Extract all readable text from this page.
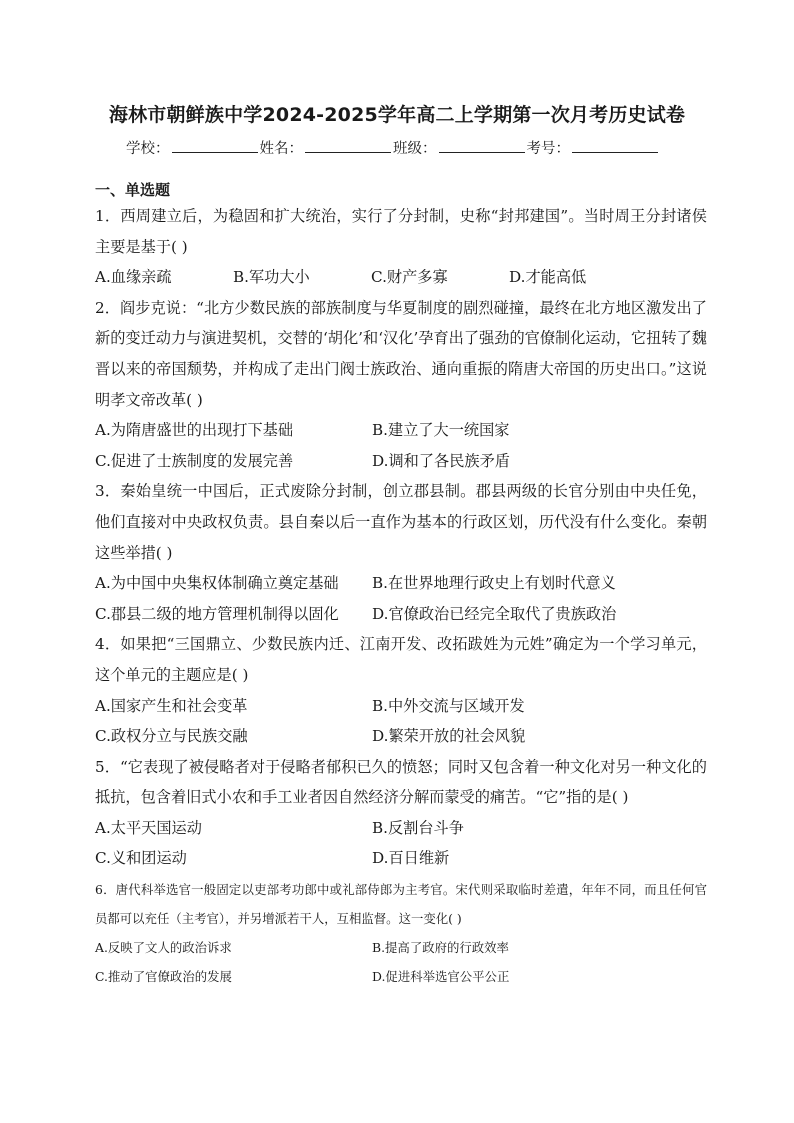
海林市朝鲜族中学2024-2025学年高二上学期第一次月考历史试卷
学校：	姓名：	班级：	考号：
一、单选题
1．西周建立后，为稳固和扩大统治，实行了分封制，史称“封邦建国”。当时周王分封诸侯主要是基于( )
A.血缘亲疏	B.军功大小	C.财产多寡	D.才能高低
2．阎步克说：“北方少数民族的部族制度与华夏制度的剧烈碰撞，最终在北方地区激发出了新的变迁动力与演进契机，交替的‘胡化’和‘汉化’孕育出了强劲的官僚制化运动，它扭转了魏晋以来的帝国颓势，并构成了走出门阀士族政治、通向重振的隋唐大帝国的历史出口。”这说明孝文帝改革( )
A.为隋唐盛世的出现打下基础	B.建立了大一统国家
C.促进了士族制度的发展完善	D.调和了各民族矛盾
3．秦始皇统一中国后，正式废除分封制，创立郡县制。郡县两级的长官分别由中央任免，他们直接对中央政权负责。县自秦以后一直作为基本的行政区划，历代没有什么变化。秦朝这些举措( )
A.为中国中央集权体制确立奠定基础	B.在世界地理行政史上有划时代意义
C.郡县二级的地方管理机制得以固化	D.官僚政治已经完全取代了贵族政治
4．如果把“三国鼎立、少数民族内迁、江南开发、改拓跋姓为元姓”确定为一个学习单元，这个单元的主题应是( )
A.国家产生和社会变革	B.中外交流与区域开发
C.政权分立与民族交融	D.繁荣开放的社会风貌
5．“它表现了被侵略者对于侵略者郁积已久的愤怒；同时又包含着一种文化对另一种文化的抵抗，包含着旧式小农和手工业者因自然经济分解而蒙受的痛苦。“它”指的是( )
A.太平天国运动	B.反割台斗争
C.义和团运动	D.百日维新
6．唐代科举选官一般固定以吏部考功郎中或礼部侍郎为主考官。宋代则采取临时差遣，年年不同，而且任何官员都可以充任（主考官），并另增派若干人，互相监督。这一变化( )
A.反映了文人的政治诉求	B.提高了政府的行政效率
C.推动了官僚政治的发展	D.促进科举选官公平公正
